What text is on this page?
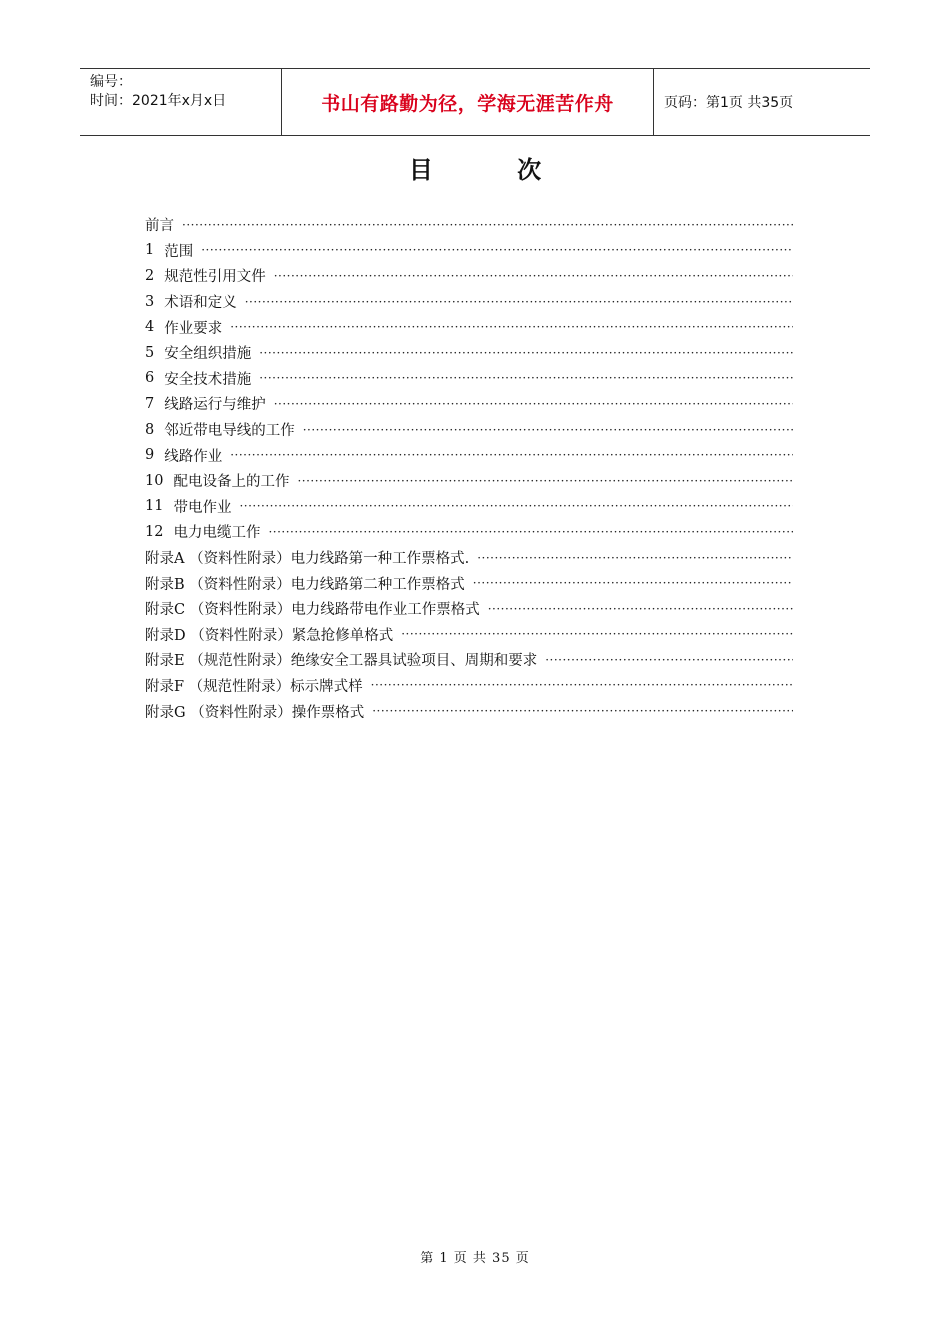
编号：
时间：2021年x月x日	书山有路勤为径，学海无涯苦作舟	页码：第1页 共35页
目 次
前言
·····
1 范围
·····
2 规范性引用文件
·····
3 术语和定义
·····
4 作业要求
·····
5 安全组织措施
·····
6 安全技术措施
·····
7 线路运行与维护
·····
8 邻近带电导线的工作
·····
9 线路作业
·····
10 配电设备上的工作
·····
11 带电作业
·····
12 电力电缆工作
·····
附录A （资料性附录）电力线路第一种工作票格式.
·····
附录B （资料性附录）电力线路第二种工作票格式
·····
附录C （资料性附录）电力线路带电作业工作票格式
·····
附录D （资料性附录）紧急抢修单格式
·····
附录E （规范性附录）绝缘安全工器具试验项目、周期和要求
·····
附录F （规范性附录）标示牌式样
·····
附录G （资料性附录）操作票格式
·····
第 1 页 共 35 页
